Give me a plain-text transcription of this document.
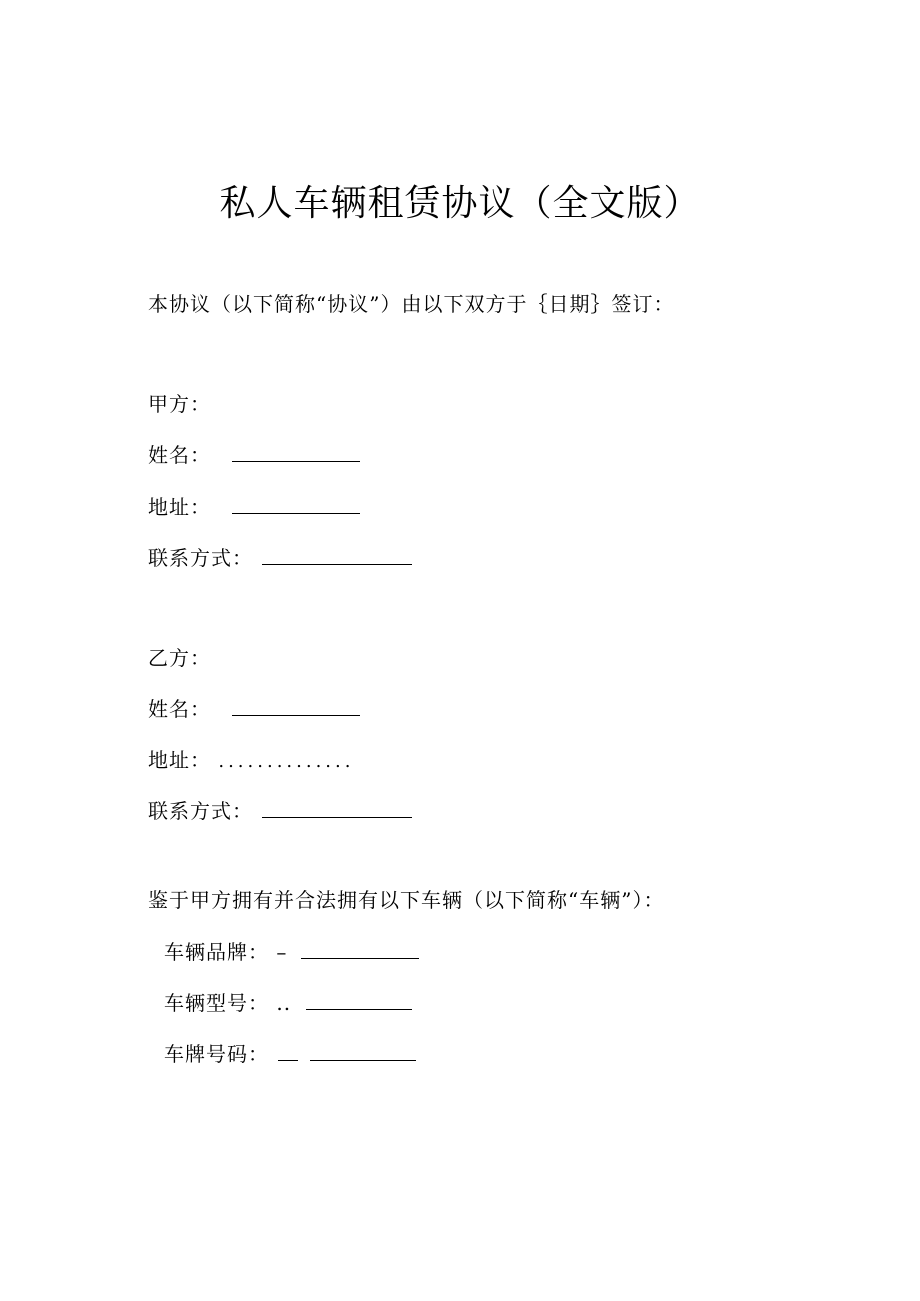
私人车辆租赁协议（全文版）
本协议（以下简称“协议”）由以下双方于｛日期｝签订：
甲方：
姓名：
地址：
联系方式：
乙方：
姓名：
地址： ..............
联系方式：
鉴于甲方拥有并合法拥有以下车辆（以下简称“车辆”）：
车辆品牌： –
车辆型号： ..
车牌号码：
